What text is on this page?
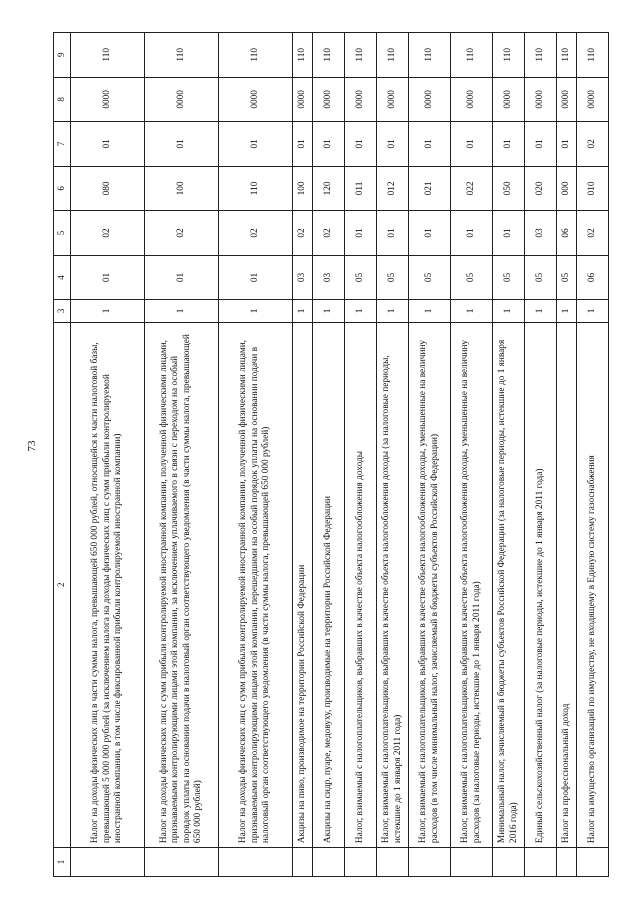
73
1	2	3	4	5	6	7	8	9
	Налог на доходы физических лиц в части суммы налога, превышающей 650 000 рублей, относящейся к части налоговой базы, превышающей 5 000 000 рублей (за исключением налога на доходы физических лиц с сумм прибыли контролируемой иностранной компании, в том числе фиксированной прибыли контролируемой иностранной компании)	1	01	02	080	01	0000	110
	Налог на доходы физических лиц с сумм прибыли контролируемой иностранной компании, полученной физическими лицами, признаваемыми контролирующими лицами этой компании, за исключением уплачиваемого в связи с переходом на особый порядок уплаты на основании подачи в налоговый орган соответствующего уведомления (в части суммы налога, превышающей 650 000 рублей)	1	01	02	100	01	0000	110
	Налог на доходы физических лиц с сумм прибыли контролируемой иностранной компании, полученной физическими лицами, признаваемыми контролирующими лицами этой компании, перешедшими на особый порядок уплаты на основании подачи в налоговый орган соответствующего уведомления (в части суммы налога, превышающей 650 000 рублей)	1	01	02	110	01	0000	110
	Акцизы на пиво, производимое на территории Российской Федерации	1	03	02	100	01	0000	110
	Акцизы на сидр, пуаре, медовуху, производимые на территории Российской Федерации	1	03	02	120	01	0000	110
	Налог, взимаемый с налогоплательщиков, выбравших в качестве объекта налогообложения доходы	1	05	01	011	01	0000	110
	Налог, взимаемый с налогоплательщиков, выбравших в качестве объекта налогообложения доходы (за налоговые периоды, истекшие до 1 января 2011 года)	1	05	01	012	01	0000	110
	Налог, взимаемый с налогоплательщиков, выбравших в качестве объекта налогообложения доходы, уменьшенные на величину расходов (в том числе минимальный налог, зачисляемый в бюджеты субъектов Российской Федерации)	1	05	01	021	01	0000	110
	Налог, взимаемый с налогоплательщиков, выбравших в качестве объекта налогообложения доходы, уменьшенные на величину расходов (за налоговые периоды, истекшие до 1 января 2011 года)	1	05	01	022	01	0000	110
	Минимальный налог, зачисляемый в бюджеты субъектов Российской Федерации (за налоговые периоды, истекшие до 1 января 2016 года)	1	05	01	050	01	0000	110
	Единый сельскохозяйственный налог (за налоговые периоды, истекшие до 1 января 2011 года)	1	05	03	020	01	0000	110
	Налог на профессиональный доход	1	05	06	000	01	0000	110
	Налог на имущество организаций по имуществу, не входящему в Единую систему газоснабжения	1	06	02	010	02	0000	110
